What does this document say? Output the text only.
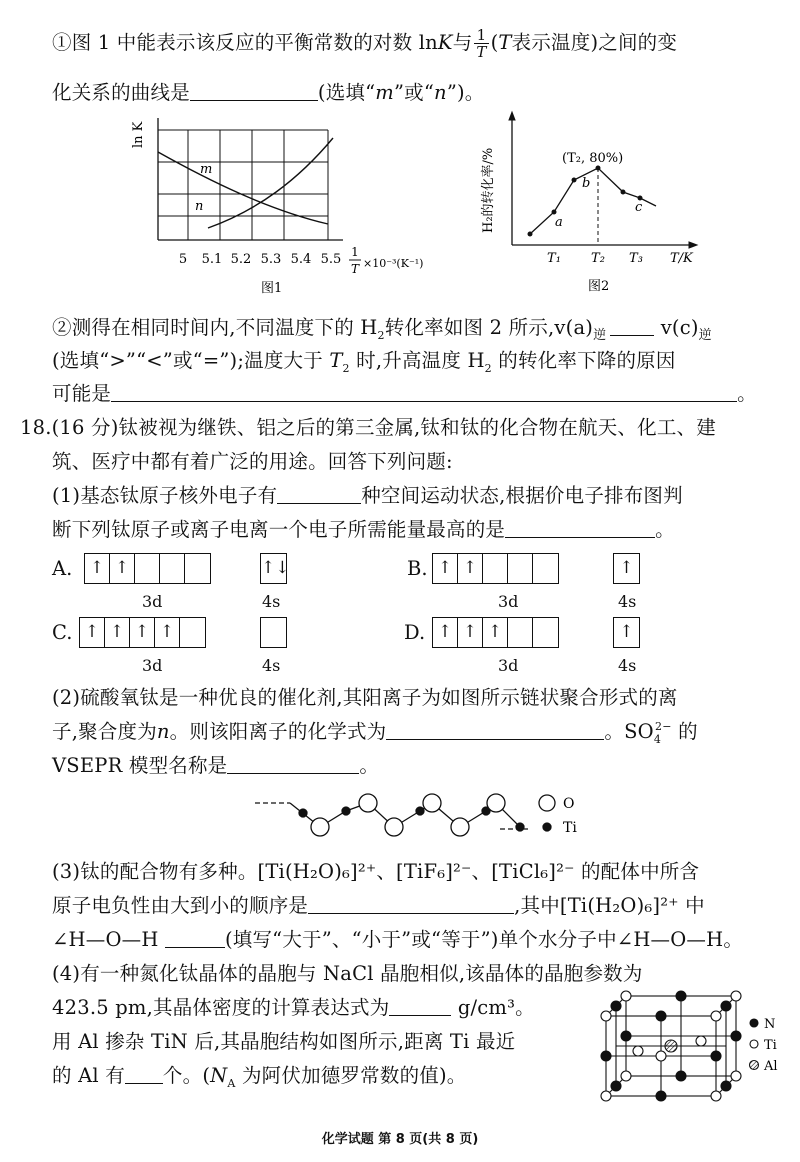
①图 1 中能表示该反应的平衡常数的对数 lnK与 $\frac{1}{T} (T$表示温度)之间的变
化关系的曲线是	(选填“m”或“n”)。
ln K
m
n
5 5.1 5.2 5.3 5.4 5.5 1
T ×10⁻³(K⁻¹)
图1
H₂的转化率/%	(T₂, 80%)
a
b
c
T₁ T₂ T₃ T/K
图2
②测得在相同时间内,不同温度下的 $H_2$转化率如图 2 所示$,v(a)_逆$	$v(c)_逆$
(选填“>”“<”或“=”);温度大于 $T_2$ 时,升高温度 $H_2$ 的转化率下降的原因
可能是	。
18.(16 分)钛被视为继铁、铝之后的第三金属,钛和钛的化合物在航天、化工、建
筑、医疗中都有着广泛的用途。回答下列问题:
(1)基态钛原子核外电子有	种空间运动状态,根据价电子排布图判
断下列钛原子或离子电离一个电子所需能量最高的是	。
A. ↑ ↑	↑↓
3d	4s
B. ↑ ↑	↑
3d	4s
C. ↑ ↑ ↑ ↑
3d	4s
D. ↑ ↑ ↑	↑
3d	4s
(2)硫酸氧钛是一种优良的催化剂,其阳离子为如图所示链状聚合形式的离
子,聚合度为n。则该阳离子的化学式为	。$SO_4^{2-}$ 的
VSEPR 模型名称是	。
O
Ti
(3)钛的配合物有多种。[Ti(H₂O)₆]²⁺、[TiF₆]²⁻、[TiCl₆]²⁻ 的配体中所含
原子电负性由大到小的顺序是	,其中[Ti(H₂O)₆]²⁺ 中
∠H—O—H	(填写“大于”、“小于”或“等于”)单个水分子中∠H—O—H。
(4)有一种氮化钛晶体的晶胞与 NaCl 晶胞相似,该晶体的晶胞参数为
423.5 pm,其晶体密度的计算表达式为	g/cm³。
用 Al 掺杂 TiN 后,其晶胞结构如图所示,距离 Ti 最近
的 Al 有 个。($N_A$ 为阿伏加德罗常数的值)。
N
Ti
Al
化学试题 第 8 页(共 8 页)
